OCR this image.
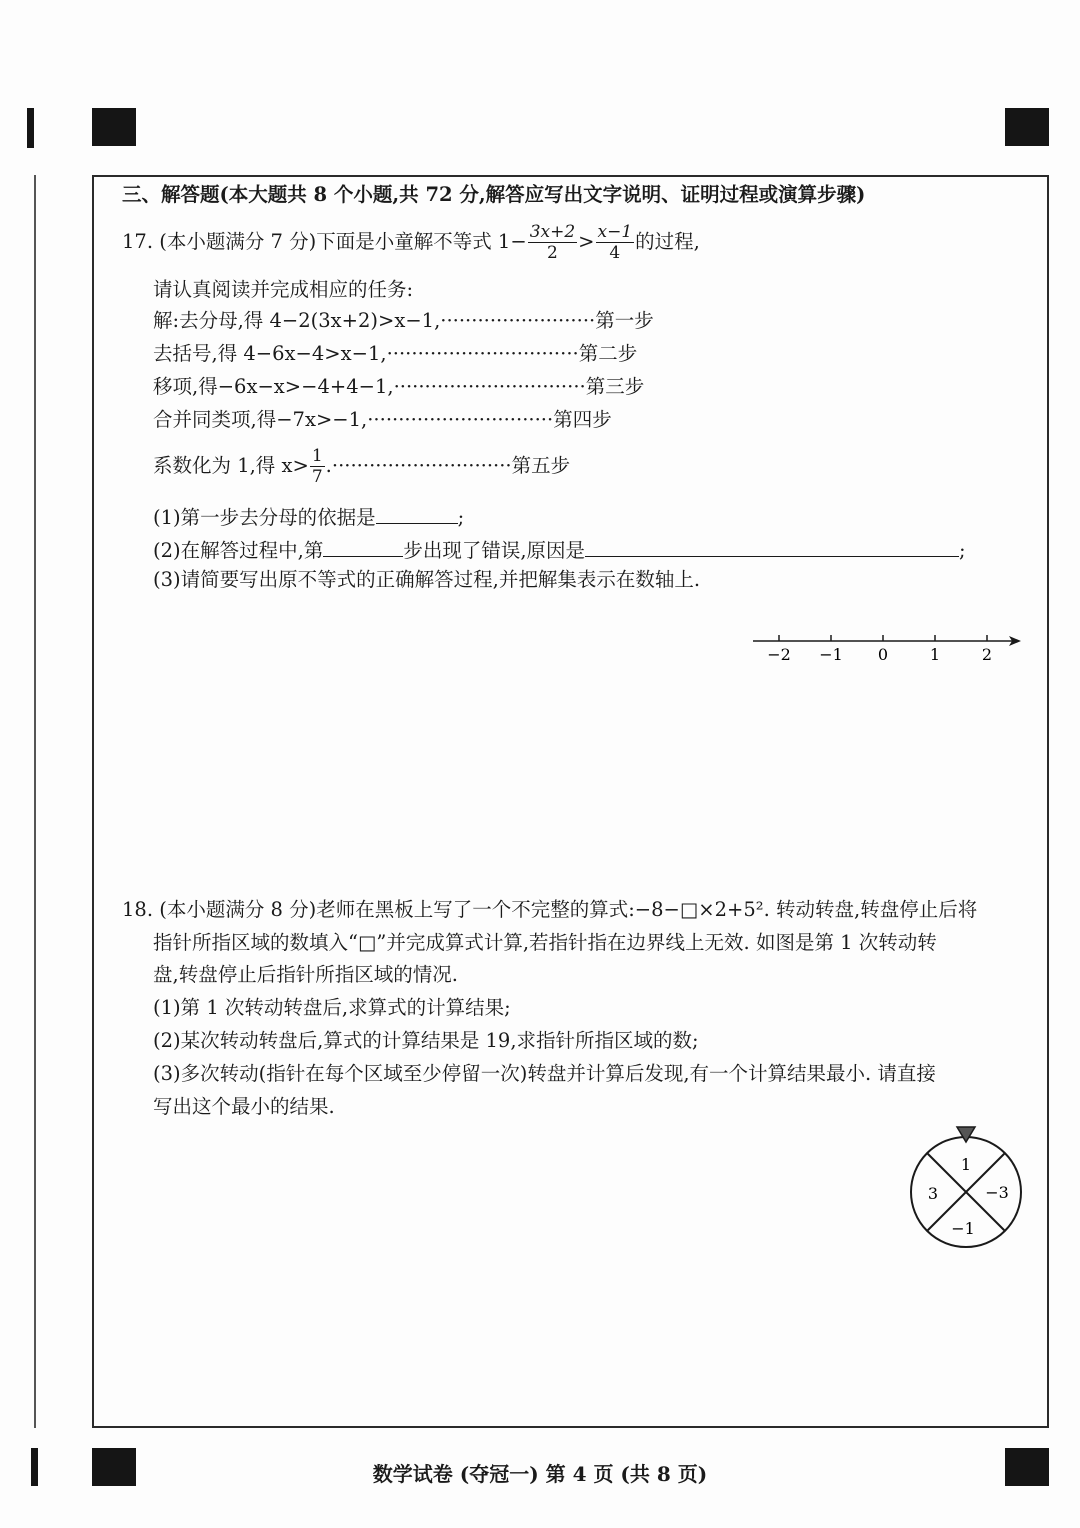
三、解答题(本大题共 8 个小题,共 72 分,解答应写出文字说明、证明过程或演算步骤)
17. (本小题满分 7 分)下面是小童解不等式 $1- \frac{3x+2}{2} > \frac{x-1}{4}$ 的过程,
请认真阅读并完成相应的任务:
解:去分母,得 4−2(3x+2)>x−1,·························第一步
去括号,得 4−6x−4>x−1,·······························第二步
移项,得−6x−x>−4+4−1,·······························第三步
合并同类项,得−7x>−1,······························第四步
系数化为 1,得 $x> \frac{1}{7}$ .·····························第五步
(1)第一步去分母的依据是	;
(2)在解答过程中,第	步出现了错误,原因是	;
(3)请简要写出原不等式的正确解答过程,并把解集表示在数轴上.
−2 −1 0	1	2
18. (本小题满分 8 分)老师在黑板上写了一个不完整的算式:−8−□×2+5². 转动转盘,转盘停止后将
指针所指区域的数填入“□”并完成算式计算,若指针指在边界线上无效. 如图是第 1 次转动转
盘,转盘停止后指针所指区域的情况.
(1)第 1 次转动转盘后,求算式的计算结果;
(2)某次转动转盘后,算式的计算结果是 19,求指针所指区域的数;
(3)多次转动(指针在每个区域至少停留一次)转盘并计算后发现,有一个计算结果最小. 请直接
写出这个最小的结果.
1
−3
−1
3
数学试卷 (夺冠一) 第 4 页 (共 8 页)
